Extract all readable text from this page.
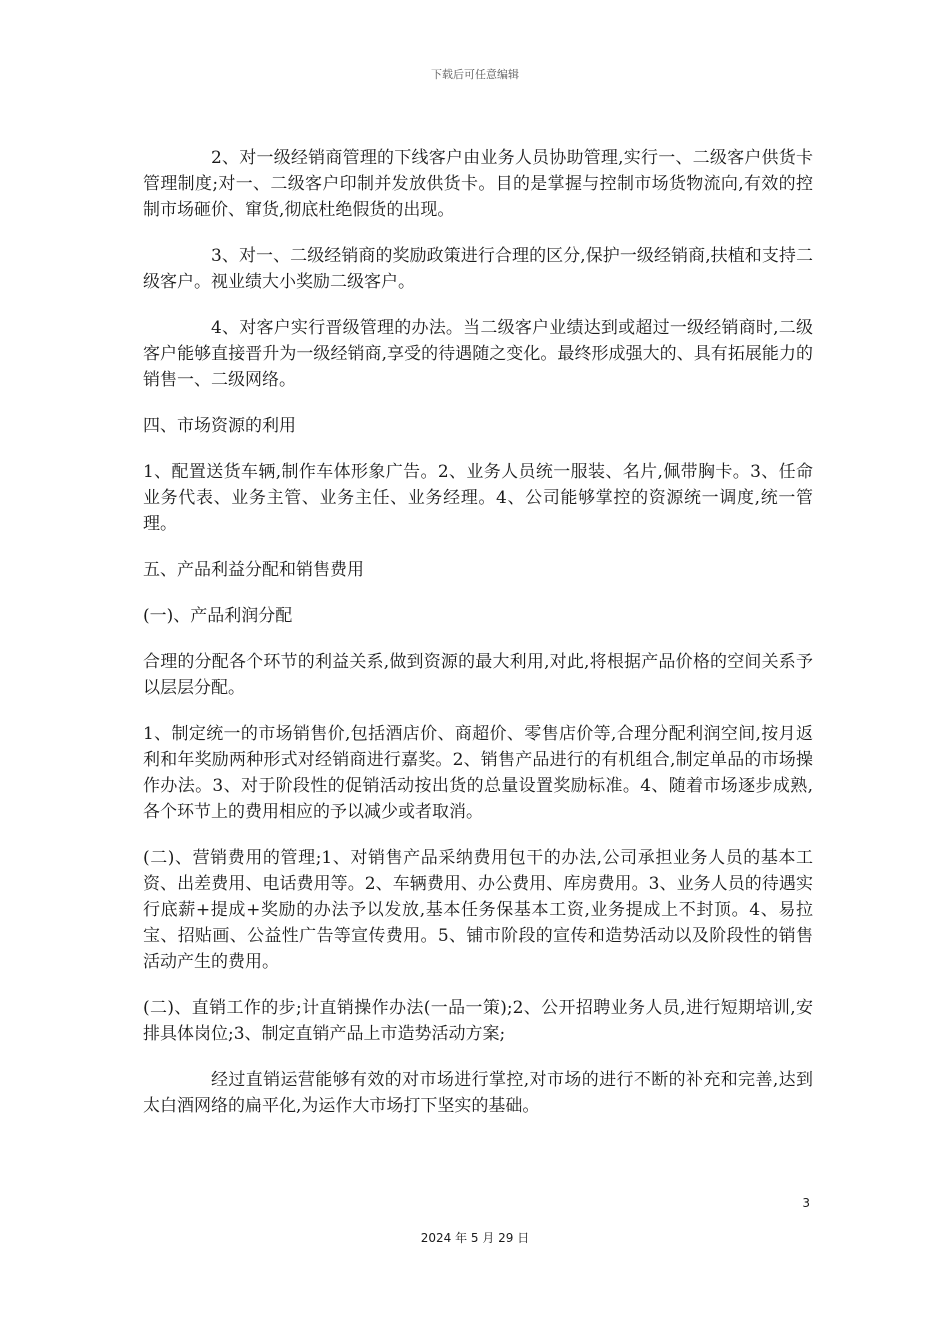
下载后可任意编辑

2、对一级经销商管理的下线客户由业务人员协助管理,实行一、二级客户供货卡管理制度;对一、二级客户印制并发放供货卡。目的是掌握与控制市场货物流向,有效的控制市场砸价、窜货,彻底杜绝假货的出现。

3、对一、二级经销商的奖励政策进行合理的区分,保护一级经销商,扶植和支持二级客户。视业绩大小奖励二级客户。

4、对客户实行晋级管理的办法。当二级客户业绩达到或超过一级经销商时,二级客户能够直接晋升为一级经销商,享受的待遇随之变化。最终形成强大的、具有拓展能力的销售一、二级网络。

四、市场资源的利用

1、配置送货车辆,制作车体形象广告。2、业务人员统一服装、名片,佩带胸卡。3、任命业务代表、业务主管、业务主任、业务经理。4、公司能够掌控的资源统一调度,统一管理。

五、产品利益分配和销售费用

(一)、产品利润分配

合理的分配各个环节的利益关系,做到资源的最大利用,对此,将根据产品价格的空间关系予以层层分配。

1、制定统一的市场销售价,包括酒店价、商超价、零售店价等,合理分配利润空间,按月返利和年奖励两种形式对经销商进行嘉奖。2、销售产品进行的有机组合,制定单品的市场操作办法。3、对于阶段性的促销活动按出货的总量设置奖励标准。4、随着市场逐步成熟,各个环节上的费用相应的予以减少或者取消。

(二)、营销费用的管理;1、对销售产品采纳费用包干的办法,公司承担业务人员的基本工资、出差费用、电话费用等。2、车辆费用、办公费用、库房费用。3、业务人员的待遇实行底薪+提成+奖励的办法予以发放,基本任务保基本工资,业务提成上不封顶。4、易拉宝、招贴画、公益性广告等宣传费用。5、铺市阶段的宣传和造势活动以及阶段性的销售活动产生的费用。

(二)、直销工作的步;计直销操作办法(一品一策);2、公开招聘业务人员,进行短期培训,安排具体岗位;3、制定直销产品上市造势活动方案;

经过直销运营能够有效的对市场进行掌控,对市场的进行不断的补充和完善,达到太白酒网络的扁平化,为运作大市场打下坚实的基础。

3
2024 年 5 月 29 日
